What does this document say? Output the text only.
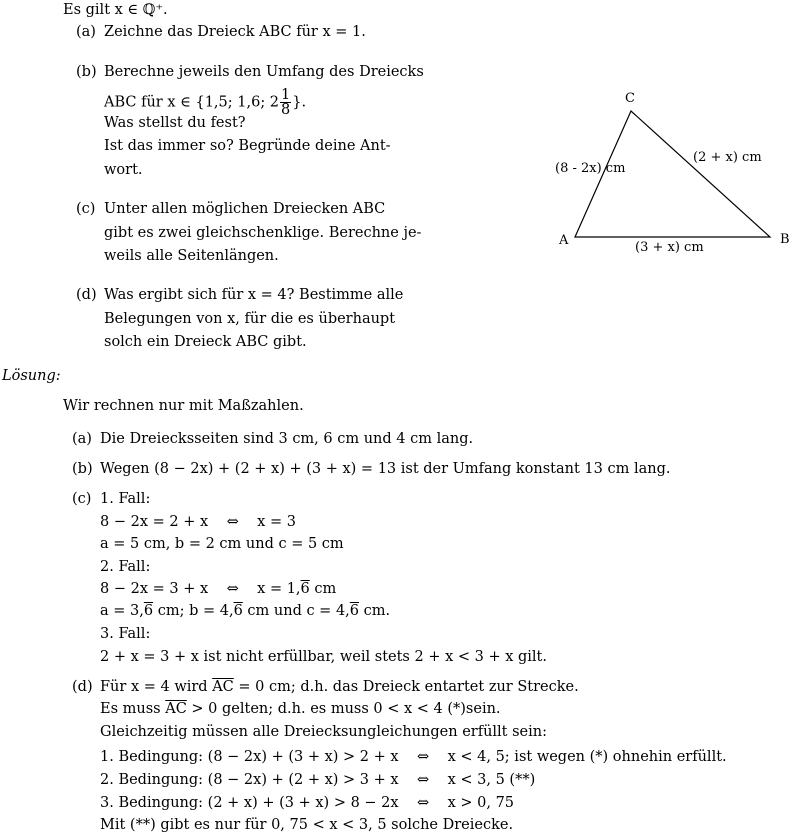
Es gilt x ∈ ℚ⁺.
(a) Zeichne das Dreieck ABC für x = 1.
(b) Berechne jeweils den Umfang des Dreiecks
ABC für x ∈ {1,5; 1,6; $2 \frac{1}{8}$ }.
Was stellst du fest?
Ist das immer so? Begründe deine Ant-
wort.
(c) Unter allen möglichen Dreiecken ABC
gibt es zwei gleichschenklige. Berechne je-
weils alle Seitenlängen.
(d) Was ergibt sich für x = 4? Bestimme alle
Belegungen von x, für die es überhaupt
solch ein Dreieck ABC gibt.
C
A	B
(8 - 2x) cm
(2 + x) cm
(3 + x) cm
Lösung:
Wir rechnen nur mit Maßzahlen.
(a) Die Dreiecksseiten sind 3 cm, 6 cm und 4 cm lang.
(b) Wegen (8 − 2x) + (2 + x) + (3 + x) = 13 ist der Umfang konstant 13 cm lang.
(c) 1. Fall:
8 − 2x = 2 + x    ⇔    x = 3
a = 5 cm, b = 2 cm und c = 5 cm
2. Fall:
8 − 2x = 3 + x    ⇔    x = 1,6 cm
a = 3,6 cm; b = 4,6 cm und c = 4,6 cm.
3. Fall:
2 + x = 3 + x ist nicht erfüllbar, weil stets 2 + x < 3 + x gilt.
(d) Für x = 4 wird $\overline{AC} = 0$ cm; d.h. das Dreieck entartet zur Strecke.
Es muss $\overline{AC} > 0$ gelten; d.h. es muss 0 < x < 4 (*)sein.
Gleichzeitig müssen alle Dreiecksungleichungen erfüllt sein:
1. Bedingung: (8 − 2x) + (3 + x) > 2 + x    ⇔    x < 4, 5; ist wegen (*) ohnehin erfüllt.
2. Bedingung: (8 − 2x) + (2 + x) > 3 + x    ⇔    x < 3, 5 (**)
3. Bedingung: (2 + x) + (3 + x) > 8 − 2x    ⇔    x > 0, 75
Mit (**) gibt es nur für 0, 75 < x < 3, 5 solche Dreiecke.
